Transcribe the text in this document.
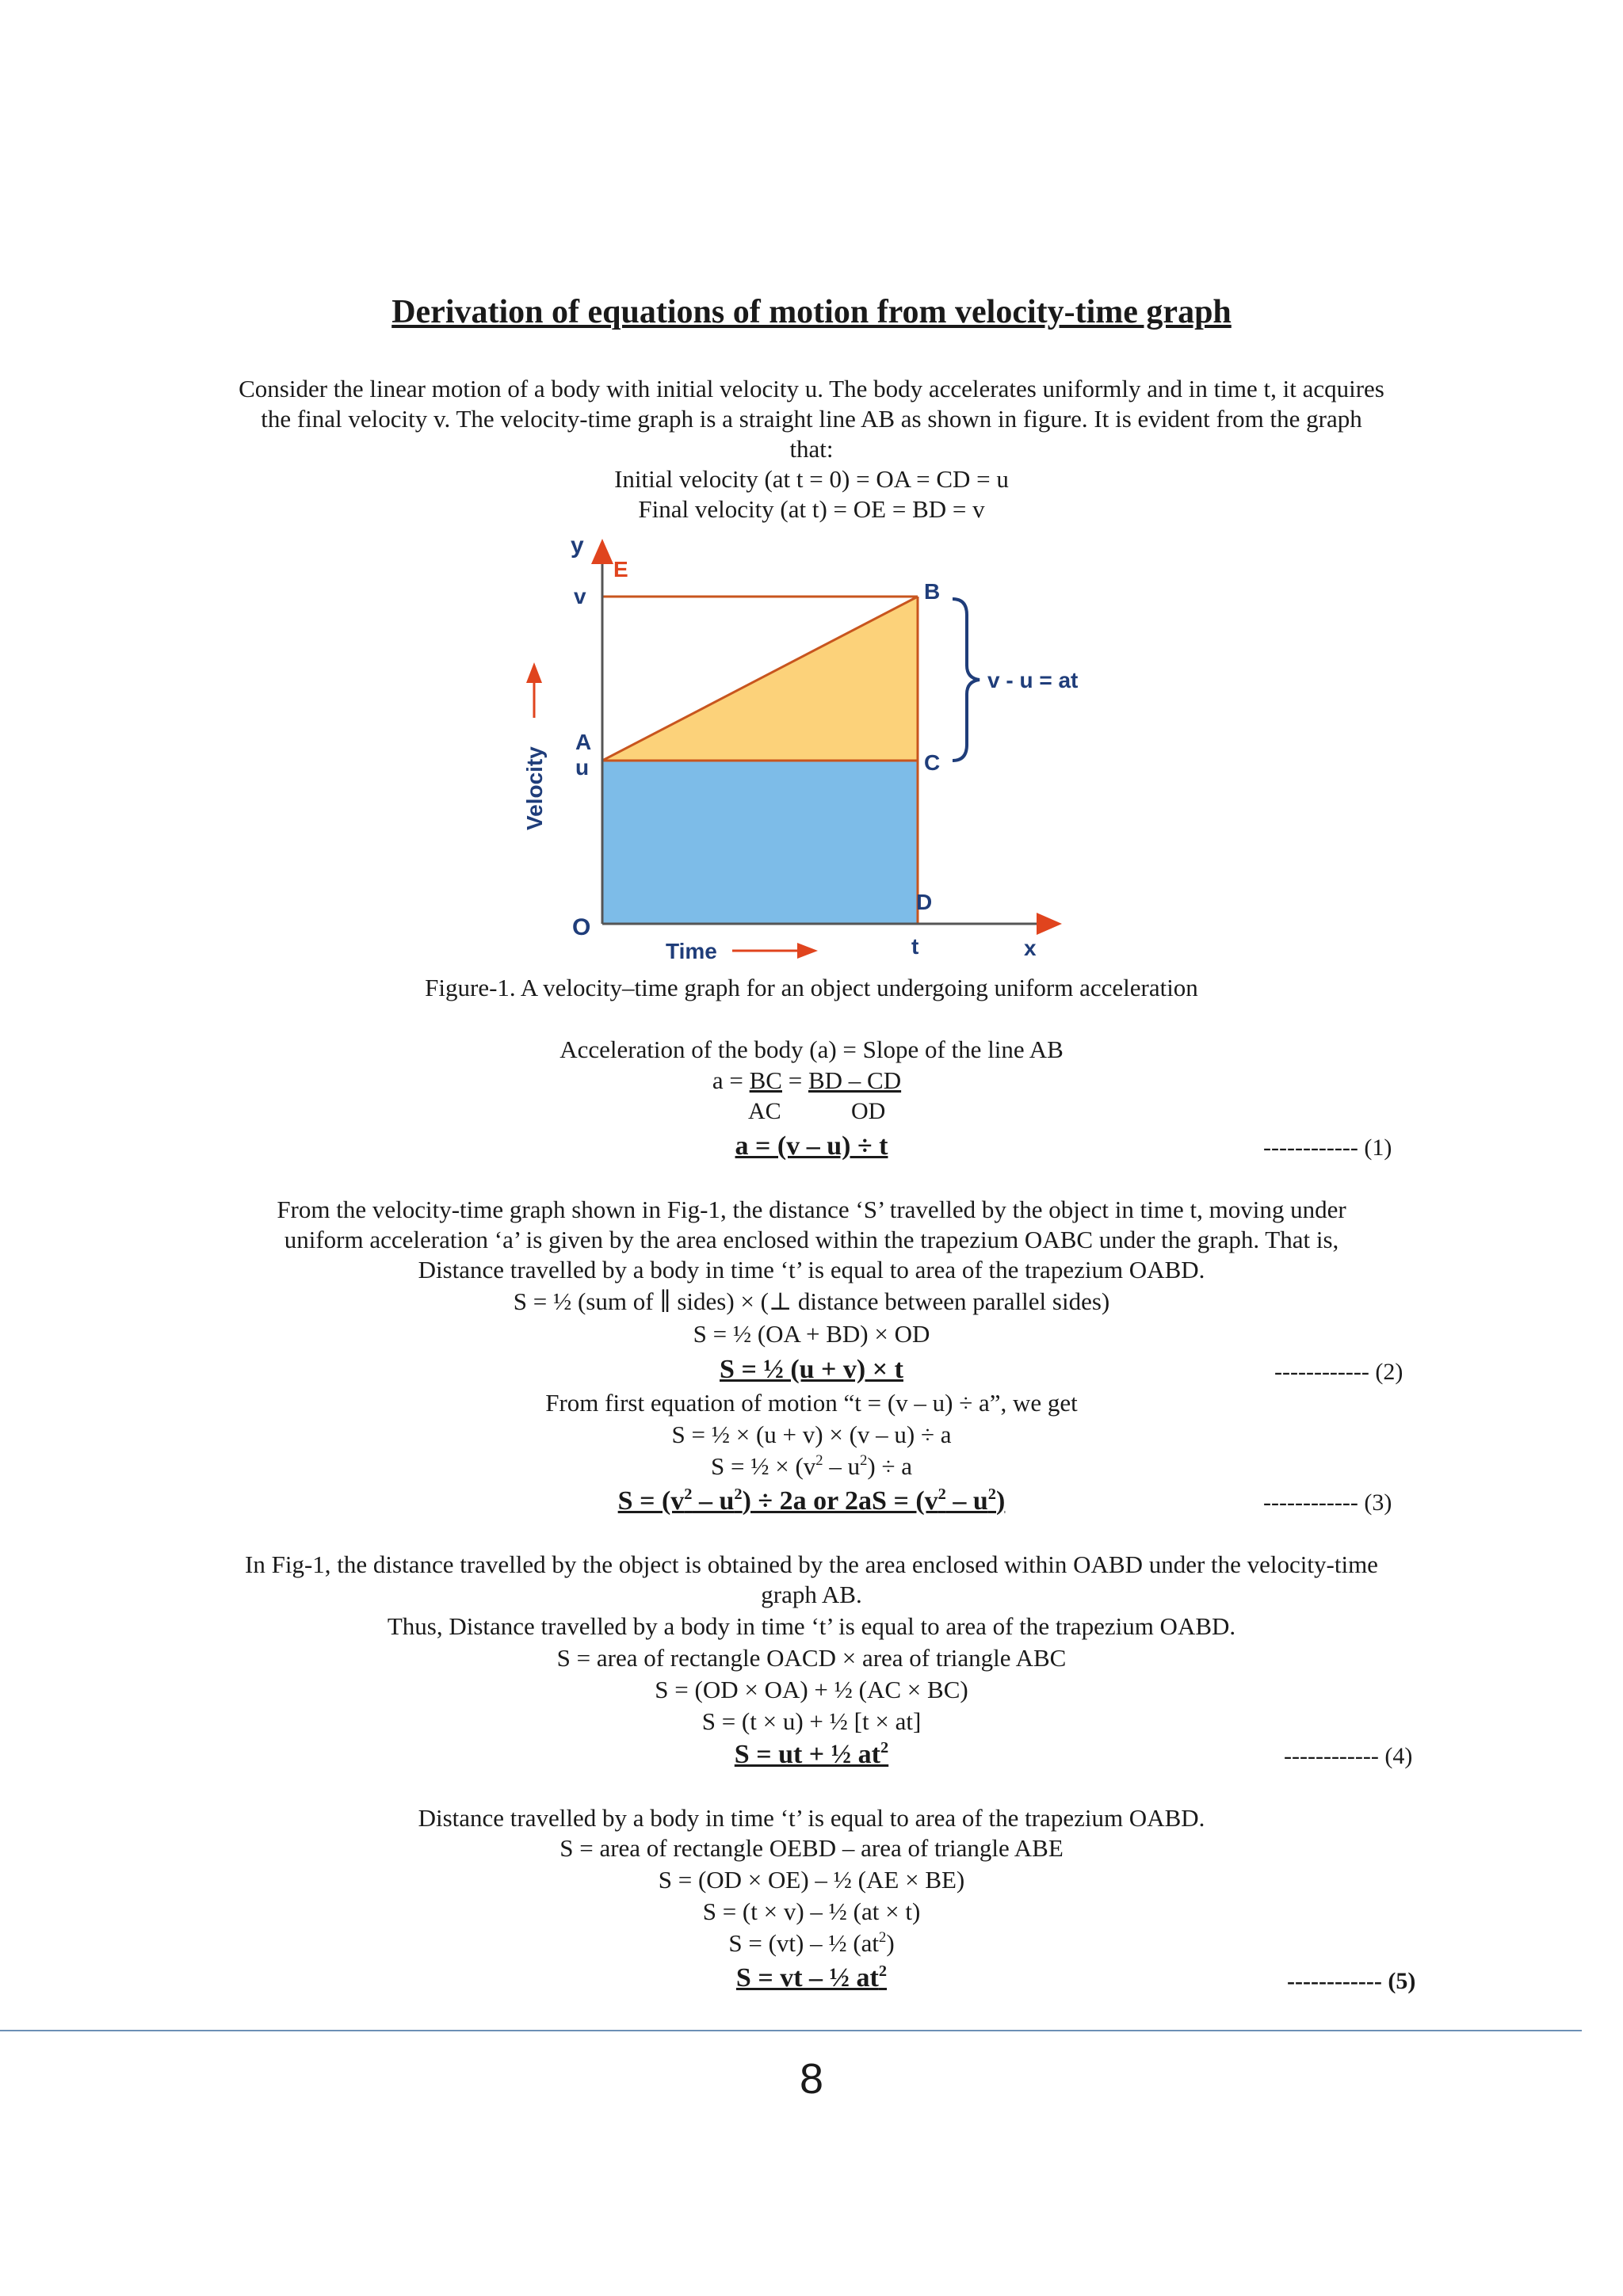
Derivation of equations of motion from velocity-time graph
Consider the linear motion of a body with initial velocity u. The body accelerates uniformly and in time t, it acquires
the final velocity v. The velocity-time graph is a straight line AB as shown in figure. It is evident from the graph
that:
Initial velocity (at t = 0) = OA = CD = u
Final velocity (at t) = OE = BD = v
y
E
v	B
v - u = at
A
u	C
D
O
t	x
Velocity
Time
Figure-1. A velocity–time graph for an object undergoing uniform acceleration
Acceleration of the body (a) = Slope of the line AB
a = BC = BD – CD
AC	OD
a = (v – u) ÷ t	------------ (1)
From the velocity-time graph shown in Fig-1, the distance ‘S’ travelled by the object in time t, moving under
uniform acceleration ‘a’ is given by the area enclosed within the trapezium OABC under the graph. That is,
Distance travelled by a body in time ‘t’ is equal to area of the trapezium OABD.
S = ½ (sum of ∥ sides) × (⊥ distance between parallel sides)
S = ½ (OA + BD) × OD
S = ½ (u + v) × t	------------ (2)
From first equation of motion “t = (v – u) ÷ a”, we get
S = ½ × (u + v) × (v – u) ÷ a
S = ½ × $(v^2 - u^2) \div a$
$S = (v^2 - u^2) \div 2a$ or $2aS = (v^2 - u^2)$	------------ (3)
In Fig-1, the distance travelled by the object is obtained by the area enclosed within OABD under the velocity-time
graph AB.
Thus, Distance travelled by a body in time ‘t’ is equal to area of the trapezium OABD.
S = area of rectangle OACD × area of triangle ABC
S = (OD × OA) + ½ (AC × BC)
S = (t × u) + ½ [t × at]
S = ut + ½ $at^2$	------------ (4)
Distance travelled by a body in time ‘t’ is equal to area of the trapezium OABD.
S = area of rectangle OEBD – area of triangle ABE
S = (OD × OE) – ½ (AE × BE)
S = (t × v) – ½ (at × t)
S = (vt) – ½ $(at^2)$
S = vt – ½ $at^2$	------------ (5)
8
